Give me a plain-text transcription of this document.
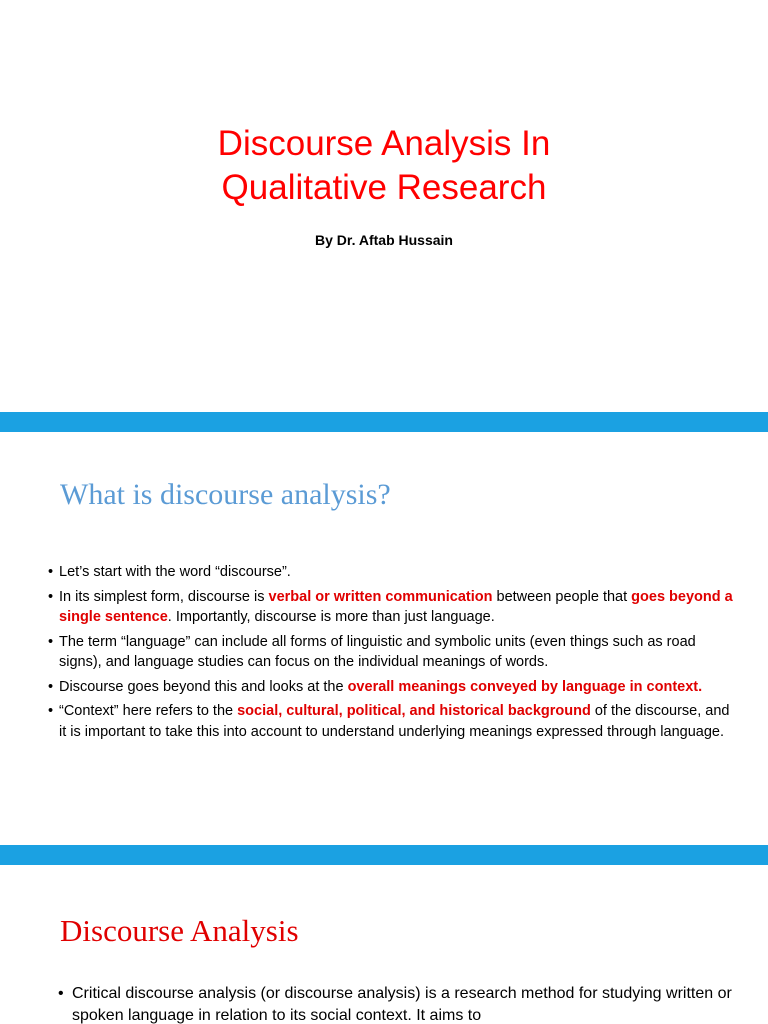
Discourse Analysis In
Qualitative Research
By Dr. Aftab Hussain
What is discourse analysis?
• Let’s start with the word “discourse”.
• In its simplest form, discourse is verbal or written communication between people that goes beyond a single sentence. Importantly, discourse is more than just language.
• The term “language” can include all forms of linguistic and symbolic units (even things such as road signs), and language studies can focus on the individual meanings of words.
• Discourse goes beyond this and looks at the overall meanings conveyed by language in context.
• “Context” here refers to the social, cultural, political, and historical background of the discourse, and it is important to take this into account to understand underlying meanings expressed through language.
Discourse Analysis

• Critical discourse analysis (or discourse analysis) is a research method for studying written or spoken language in relation to its social context. It aims to
